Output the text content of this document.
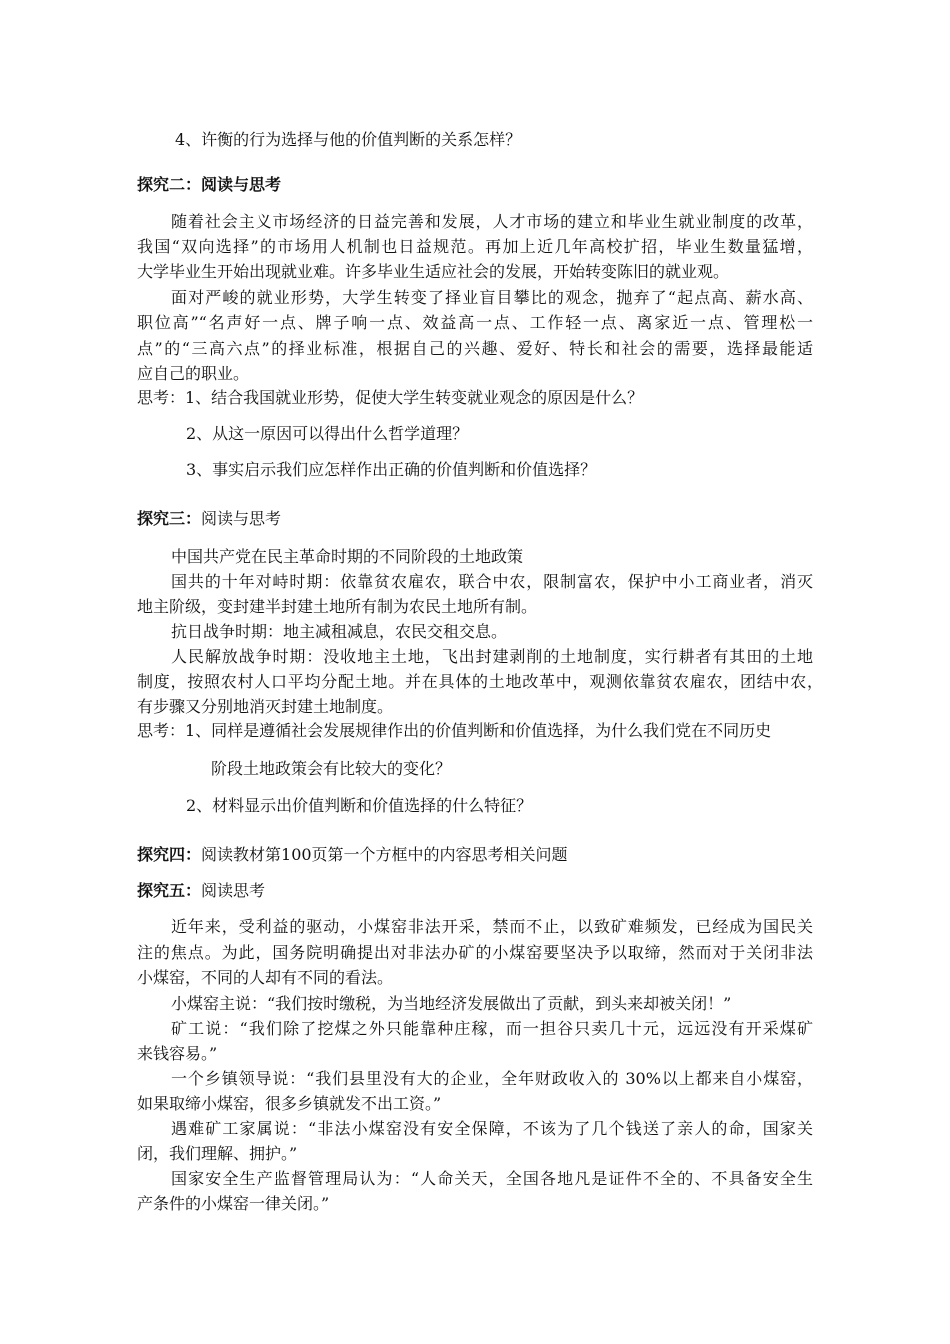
4、许衡的行为选择与他的价值判断的关系怎样？
探究二：阅读与思考
随着社会主义市场经济的日益完善和发展，人才市场的建立和毕业生就业制度的改革，
我国“双向选择”的市场用人机制也日益规范。再加上近几年高校扩招，毕业生数量猛增，
大学毕业生开始出现就业难。许多毕业生适应社会的发展，开始转变陈旧的就业观。
面对严峻的就业形势，大学生转变了择业盲目攀比的观念，抛弃了“起点高、薪水高、
职位高”“名声好一点、牌子响一点、效益高一点、工作轻一点、离家近一点、管理松一
点”的“三高六点”的择业标准，根据自己的兴趣、爱好、特长和社会的需要，选择最能适
应自己的职业。
思考：1、结合我国就业形势，促使大学生转变就业观念的原因是什么？
2、从这一原因可以得出什么哲学道理？
3、事实启示我们应怎样作出正确的价值判断和价值选择？
探究三：阅读与思考
中国共产党在民主革命时期的不同阶段的土地政策
国共的十年对峙时期：依靠贫农雇农，联合中农，限制富农，保护中小工商业者，消灭
地主阶级，变封建半封建土地所有制为农民土地所有制。
抗日战争时期：地主减租减息，农民交租交息。
人民解放战争时期：没收地主土地，飞出封建剥削的土地制度，实行耕者有其田的土地
制度，按照农村人口平均分配土地。并在具体的土地改革中，观测依靠贫农雇农，团结中农，
有步骤又分别地消灭封建土地制度。
思考：1、同样是遵循社会发展规律作出的价值判断和价值选择，为什么我们党在不同历史
阶段土地政策会有比较大的变化？
2、材料显示出价值判断和价值选择的什么特征？
探究四：阅读教材第100页第一个方框中的内容思考相关问题
探究五：阅读思考
近年来，受利益的驱动，小煤窑非法开采，禁而不止，以致矿难频发，已经成为国民关
注的焦点。为此，国务院明确提出对非法办矿的小煤窑要坚决予以取缔，然而对于关闭非法
小煤窑，不同的人却有不同的看法。
小煤窑主说：“我们按时缴税，为当地经济发展做出了贡献，到头来却被关闭！”
矿工说：“我们除了挖煤之外只能靠种庄稼，而一担谷只卖几十元，远远没有开采煤矿
来钱容易。”
一个乡镇领导说：“我们县里没有大的企业，全年财政收入的 30%以上都来自小煤窑，
如果取缔小煤窑，很多乡镇就发不出工资。”
遇难矿工家属说：“非法小煤窑没有安全保障，不该为了几个钱送了亲人的命，国家关
闭，我们理解、拥护。”
国家安全生产监督管理局认为：“人命关天，全国各地凡是证件不全的、不具备安全生
产条件的小煤窑一律关闭。”
